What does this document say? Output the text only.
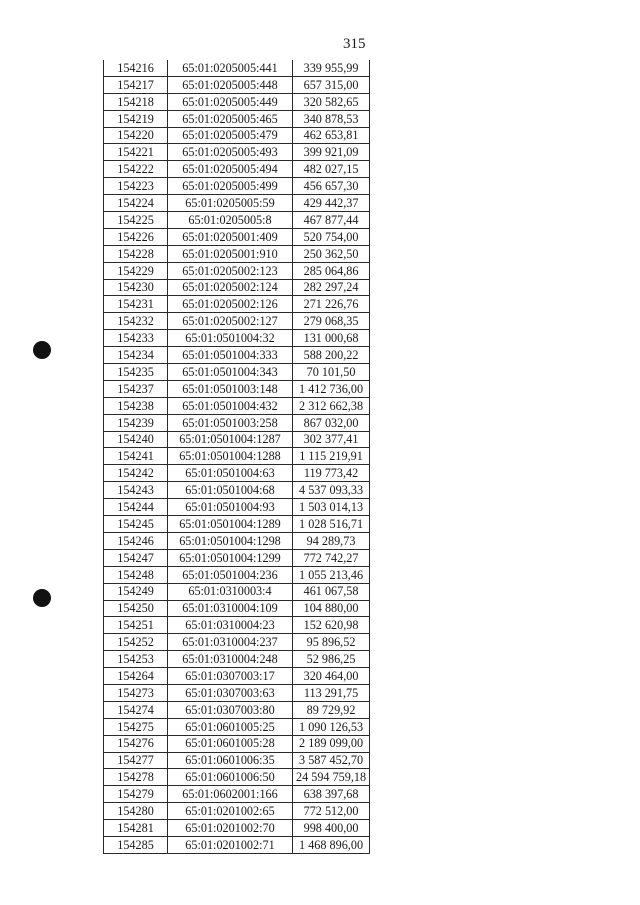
315
154216	65:01:0205005:441	339 955,99
154217	65:01:0205005:448	657 315,00
154218	65:01:0205005:449	320 582,65
154219	65:01:0205005:465	340 878,53
154220	65:01:0205005:479	462 653,81
154221	65:01:0205005:493	399 921,09
154222	65:01:0205005:494	482 027,15
154223	65:01:0205005:499	456 657,30
154224	65:01:0205005:59	429 442,37
154225	65:01:0205005:8	467 877,44
154226	65:01:0205001:409	520 754,00
154228	65:01:0205001:910	250 362,50
154229	65:01:0205002:123	285 064,86
154230	65:01:0205002:124	282 297,24
154231	65:01:0205002:126	271 226,76
154232	65:01:0205002:127	279 068,35
154233	65:01:0501004:32	131 000,68
154234	65:01:0501004:333	588 200,22
154235	65:01:0501004:343	70 101,50
154237	65:01:0501003:148	1 412 736,00
154238	65:01:0501004:432	2 312 662,38
154239	65:01:0501003:258	867 032,00
154240	65:01:0501004:1287	302 377,41
154241	65:01:0501004:1288	1 115 219,91
154242	65:01:0501004:63	119 773,42
154243	65:01:0501004:68	4 537 093,33
154244	65:01:0501004:93	1 503 014,13
154245	65:01:0501004:1289	1 028 516,71
154246	65:01:0501004:1298	94 289,73
154247	65:01:0501004:1299	772 742,27
154248	65:01:0501004:236	1 055 213,46
154249	65:01:0310003:4	461 067,58
154250	65:01:0310004:109	104 880,00
154251	65:01:0310004:23	152 620,98
154252	65:01:0310004:237	95 896,52
154253	65:01:0310004:248	52 986,25
154264	65:01:0307003:17	320 464,00
154273	65:01:0307003:63	113 291,75
154274	65:01:0307003:80	89 729,92
154275	65:01:0601005:25	1 090 126,53
154276	65:01:0601005:28	2 189 099,00
154277	65:01:0601006:35	3 587 452,70
154278	65:01:0601006:50	24 594 759,18
154279	65:01:0602001:166	638 397,68
154280	65:01:0201002:65	772 512,00
154281	65:01:0201002:70	998 400,00
154285	65:01:0201002:71	1 468 896,00
